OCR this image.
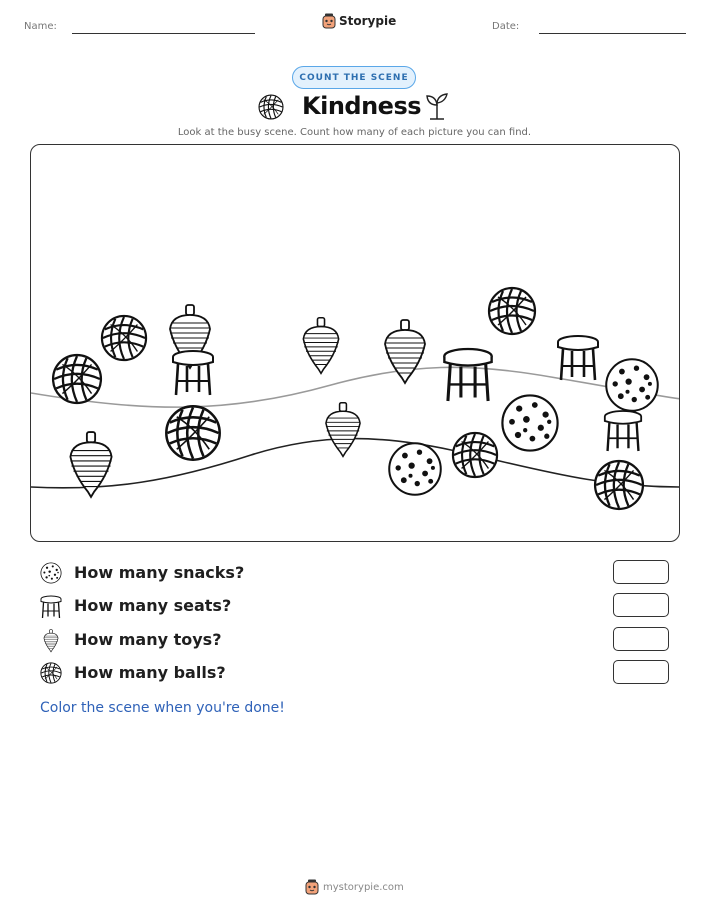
Name:	Storypie	Date:
COUNT THE SCENE
Kindness
Look at the busy scene. Count how many of each picture you can find.
How many snacks?
How many seats?
How many toys?
How many balls?
Color the scene when you're done!
mystorypie.com
